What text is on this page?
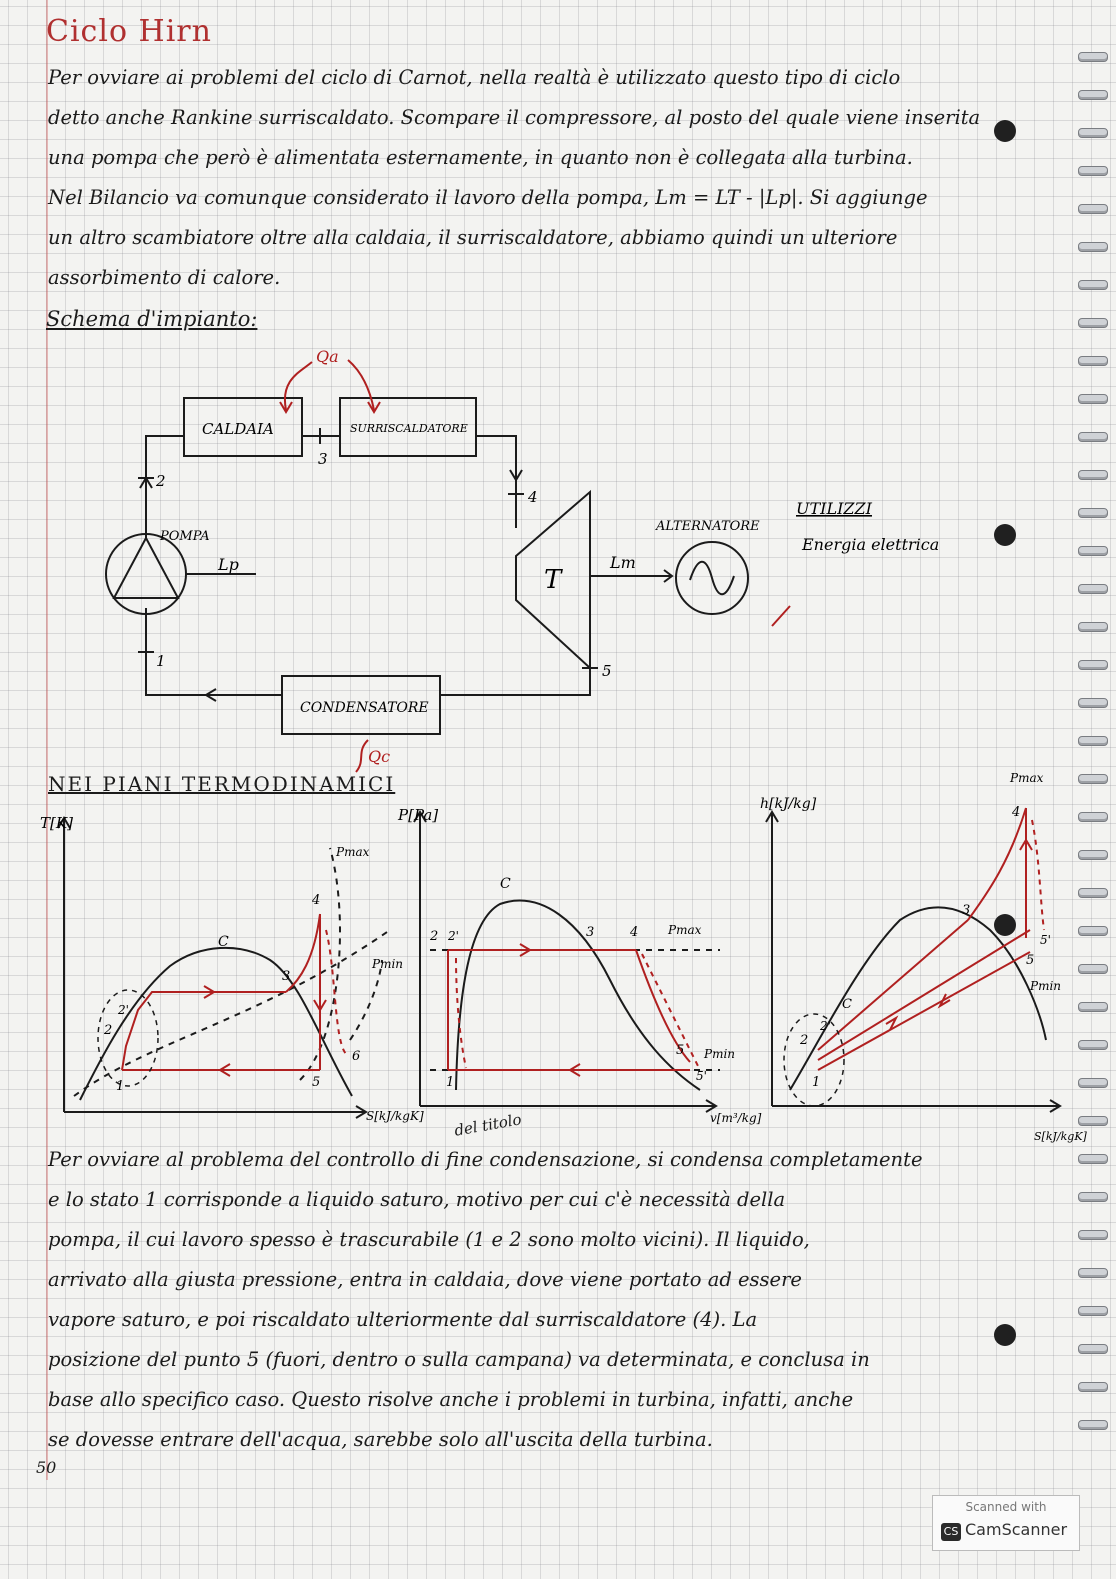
Ciclo Hirn
Per ovviare ai problemi del ciclo di Carnot, nella realtà è utilizzato questo tipo di ciclo
detto anche Rankine surriscaldato. Scompare il compressore, al posto del quale viene inserita
una pompa che però è alimentata esternamente, in quanto non è collegata alla turbina.
Nel Bilancio va comunque considerato il lavoro della pompa, Lm = LT - |Lp|. Si aggiunge
un altro scambiatore oltre alla caldaia, il surriscaldatore, abbiamo quindi un ulteriore
assorbimento di calore.
Schema d'impianto:
CALDAIA	SURRISCALDATORE
CONDENSATORE
POMPA
ALTERNATORE
T
UTILIZZI
Energia elettrica
Qa
Qc
Lp	Lm
1
2
3
4
5
NEI PIANI TERMODINAMICI
T[K]
S[kJ/kgK]
C
Pmax
Pmin
1
2
2'
3
4
5
6
P[Pa]
v[m³/kg]
C
Pmax
Pmin
1
2 2'	3	4
5
5'
h[kJ/kg]
S[kJ/kgK]
C
Pmax
Pmin
1
2
2'
3
4
5
5'
del titolo
Per ovviare al problema del controllo di fine condensazione, si condensa completamente
e lo stato 1 corrisponde a liquido saturo, motivo per cui c'è necessità della
pompa, il cui lavoro spesso è trascurabile (1 e 2 sono molto vicini). Il liquido,
arrivato alla giusta pressione, entra in caldaia, dove viene portato ad essere
vapore saturo, e poi riscaldato ulteriormente dal surriscaldatore (4). La
posizione del punto 5 (fuori, dentro o sulla campana) va determinata, e conclusa in
base allo specifico caso. Questo risolve anche i problemi in turbina, infatti, anche
se dovesse entrare dell'acqua, sarebbe solo all'uscita della turbina.
50
Scanned with
CS CamScanner
